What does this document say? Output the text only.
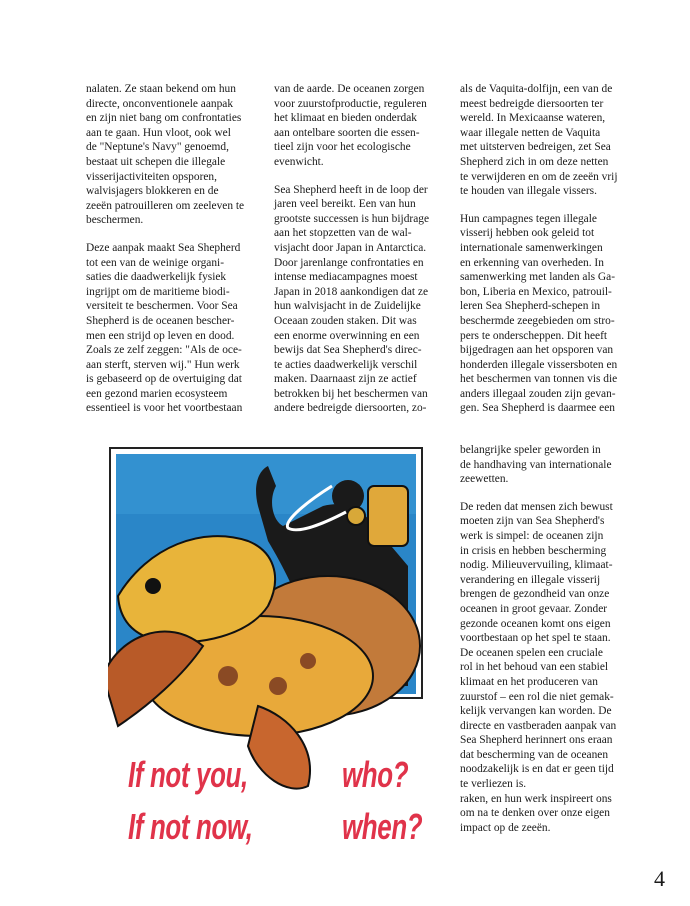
nalaten. Ze staan bekend om hun
directe, onconventionele aanpak
en zijn niet bang om confrontaties
aan te gaan. Hun vloot, ook wel
de "Neptune's Navy" genoemd,
bestaat uit schepen die illegale
visserijactiviteiten opsporen,
walvisjagers blokkeren en de
zeeën patrouilleren om zeeleven te
beschermen.

Deze aanpak maakt Sea Shepherd
tot een van de weinige organi-
saties die daadwerkelijk fysiek
ingrijpt om de maritieme biodi-
versiteit te beschermen. Voor Sea
Shepherd is de oceanen bescher-
men een strijd op leven en dood.
Zoals ze zelf zeggen: "Als de oce-
aan sterft, sterven wij." Hun werk
is gebaseerd op de overtuiging dat
een gezond marien ecosysteem
essentieel is voor het voortbestaan

van de aarde. De oceanen zorgen
voor zuurstofproductie, reguleren
het klimaat en bieden onderdak
aan ontelbare soorten die essen-
tieel zijn voor het ecologische
evenwicht.

Sea Shepherd heeft in de loop der
jaren veel bereikt. Een van hun
grootste successen is hun bijdrage
aan het stopzetten van de wal-
visjacht door Japan in Antarctica.
Door jarenlange confrontaties en
intense mediacampagnes moest
Japan in 2018 aankondigen dat ze
hun walvisjacht in de Zuidelijke
Oceaan zouden staken. Dit was
een enorme overwinning en een
bewijs dat Sea Shepherd's direc-
te acties daadwerkelijk verschil
maken. Daarnaast zijn ze actief
betrokken bij het beschermen van
andere bedreigde diersoorten, zo-

als de Vaquita-dolfijn, een van de
meest bedreigde diersoorten ter
wereld. In Mexicaanse wateren,
waar illegale netten de Vaquita
met uitsterven bedreigen, zet Sea
Shepherd zich in om deze netten
te verwijderen en om de zeeën vrij
te houden van illegale vissers.

Hun campagnes tegen illegale
visserij hebben ook geleid tot
internationale samenwerkingen
en erkenning van overheden. In
samenwerking met landen als Ga-
bon, Liberia en Mexico, patrouil-
leren Sea Shepherd-schepen in
beschermde zeegebieden om stro-
pers te onderscheppen. Dit heeft
bijgedragen aan het opsporen van
honderden illegale vissersboten en
het beschermen van tonnen vis die
anders illegaal zouden zijn gevan-
gen. Sea Shepherd is daarmee een

belangrijke speler geworden in
de handhaving van internationale
zeewetten.

De reden dat mensen zich bewust
moeten zijn van Sea Shepherd's
werk is simpel: de oceanen zijn
in crisis en hebben bescherming
nodig. Milieuvervuiling, klimaat-
verandering en illegale visserij
brengen de gezondheid van onze
oceanen in groot gevaar. Zonder
gezonde oceanen komt ons eigen
voortbestaan op het spel te staan.
De oceanen spelen een cruciale
rol in het behoud van een stabiel
klimaat en het produceren van
zuurstof – een rol die niet gemak-
kelijk vervangen kan worden. De
directe en vastberaden aanpak van
Sea Shepherd herinnert ons eraan
dat bescherming van de oceanen
noodzakelijk is en dat er geen tijd
te verliezen is.
raken, en hun werk inspireert ons
om na te denken over onze eigen
impact op de zeeën.

If not you,
If not now,
who?
when?
4
